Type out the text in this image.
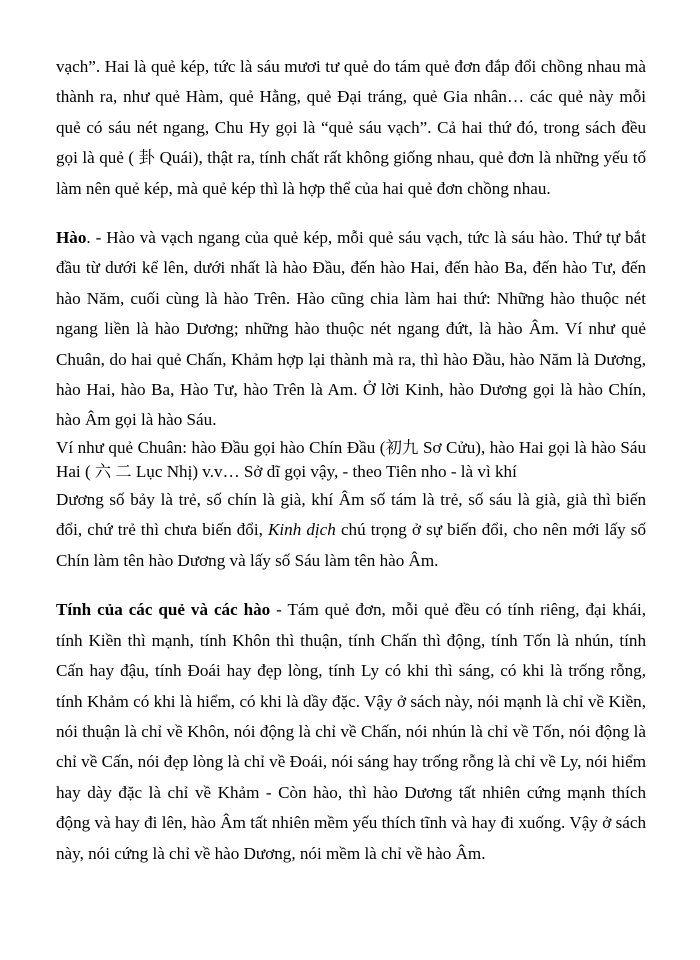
vạch”. Hai là quẻ kép, tức là sáu mươi tư quẻ do tám quẻ đơn đắp đổi chồng nhau mà thành ra, như quẻ Hàm, quẻ Hằng, quẻ Đại tráng, quẻ Gia nhân… các quẻ này mỗi quẻ có sáu nét ngang, Chu Hy gọi là “quẻ sáu vạch”. Cả hai thứ đó, trong sách đều gọi là quẻ ( 卦 Quái), thật ra, tính chất rất không giống nhau, quẻ đơn là những yếu tố làm nên quẻ kép, mà quẻ kép thì là hợp thể của hai quẻ đơn chồng nhau.

Hào. - Hào và vạch ngang của quẻ kép, mỗi quẻ sáu vạch, tức là sáu hào. Thứ tự bắt đầu từ dưới kể lên, dưới nhất là hào Đầu, đến hào Hai, đến hào Ba, đến hào Tư, đến hào Năm, cuối cùng là hào Trên. Hào cũng chia làm hai thứ: Những hào thuộc nét ngang liền là hào Dương; những hào thuộc nét ngang đứt, là hào Âm. Ví như quẻ Chuân, do hai quẻ Chấn, Khảm hợp lại thành mà ra, thì hào Đầu, hào Năm là Dương, hào Hai, hào Ba, Hào Tư, hào Trên là Am. Ở lời Kinh, hào Dương gọi là hào Chín, hào Âm gọi là hào Sáu.
Ví như quẻ Chuân: hào Đầu gọi hào Chín Đầu (初九 Sơ Cửu), hào Hai gọi là hào Sáu Hai ( 六 二 Lục Nhị) v.v… Sở dĩ gọi vậy, - theo Tiên nho - là vì khí
Dương số bảy là trẻ, số chín là già, khí Âm số tám là trẻ, số sáu là già, già thì biến đổi, chứ trẻ thì chưa biến đổi, Kinh dịch chú trọng ở sự biến đổi, cho nên mới lấy số Chín làm tên hào Dương và lấy số Sáu làm tên hào Âm.

Tính của các quẻ và các hào - Tám quẻ đơn, mỗi quẻ đều có tính riêng, đại khái, tính Kiền thì mạnh, tính Khôn thì thuận, tính Chấn thì động, tính Tốn là nhún, tính Cấn hay đậu, tính Đoái hay đẹp lòng, tính Ly có khi thì sáng, có khi là trống rỗng, tính Khảm có khi là hiểm, có khi là dầy đặc. Vậy ở sách này, nói mạnh là chỉ về Kiền, nói thuận là chỉ về Khôn, nói động là chỉ về Chấn, nói nhún là chỉ về Tốn, nói động là chỉ về Cấn, nói đẹp lòng là chỉ về Đoái, nói sáng hay trống rỗng là chỉ về Ly, nói hiểm hay dày đặc là chỉ về Khảm - Còn hào, thì hào Dương tất nhiên cứng mạnh thích động và hay đi lên, hào Âm tất nhiên mềm yếu thích tĩnh và hay đi xuống. Vậy ở sách này, nói cứng là chỉ về hào Dương, nói mềm là chỉ về hào Âm.
